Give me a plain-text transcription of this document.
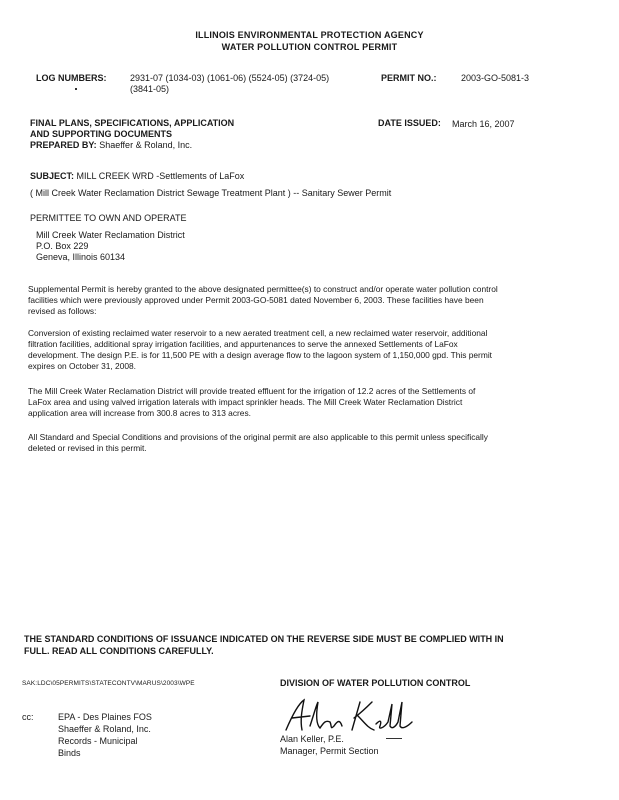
ILLINOIS ENVIRONMENTAL PROTECTION AGENCY
WATER POLLUTION CONTROL PERMIT
LOG NUMBERS:	2931-07 (1034-03) (1061-06) (5524-05) (3724-05)
(3841-05)
PERMIT NO.:	2003-GO-5081-3
FINAL PLANS, SPECIFICATIONS, APPLICATION
AND SUPPORTING DOCUMENTS
PREPARED BY: Shaeffer & Roland, Inc.
DATE ISSUED: March 16, 2007
SUBJECT: MILL CREEK WRD -Settlements of LaFox
( Mill Creek Water Reclamation District Sewage Treatment Plant ) -- Sanitary Sewer Permit
PERMITTEE TO OWN AND OPERATE
Mill Creek Water Reclamation District
P.O. Box 229
Geneva, Illinois 60134
Supplemental Permit is hereby granted to the above designated permittee(s) to construct and/or operate water pollution control
facilities which were previously approved under Permit 2003-GO-5081 dated November 6, 2003. These facilities have been
revised as follows:
Conversion of existing reclaimed water reservoir to a new aerated treatment cell, a new reclaimed water reservoir, additional
filtration facilities, additional spray irrigation facilities, and appurtenances to serve the annexed Settlements of LaFox
development. The design P.E. is for 11,500 PE with a design average flow to the lagoon system of 1,150,000 gpd. This permit
expires on October 31, 2008.
The Mill Creek Water Reclamation District will provide treated effluent for the irrigation of 12.2 acres of the Settlements of
LaFox area and using valved irrigation laterals with impact sprinkler heads. The Mill Creek Water Reclamation District
application area will increase from 300.8 acres to 313 acres.
All Standard and Special Conditions and provisions of the original permit are also applicable to this permit unless specifically
deleted or revised in this permit.
THE STANDARD CONDITIONS OF ISSUANCE INDICATED ON THE REVERSE SIDE MUST BE COMPLIED WITH IN
FULL. READ ALL CONDITIONS CAREFULLY.
SAK:LDC\05PERMITS\STATECONTV\MARUS\2003\WPE	DIVISION OF WATER POLLUTION CONTROL
cc:	EPA - Des Plaines FOS
Shaeffer & Roland, Inc.
Records - Municipal
Binds
Alan Keller, P.E.
Manager, Permit Section
